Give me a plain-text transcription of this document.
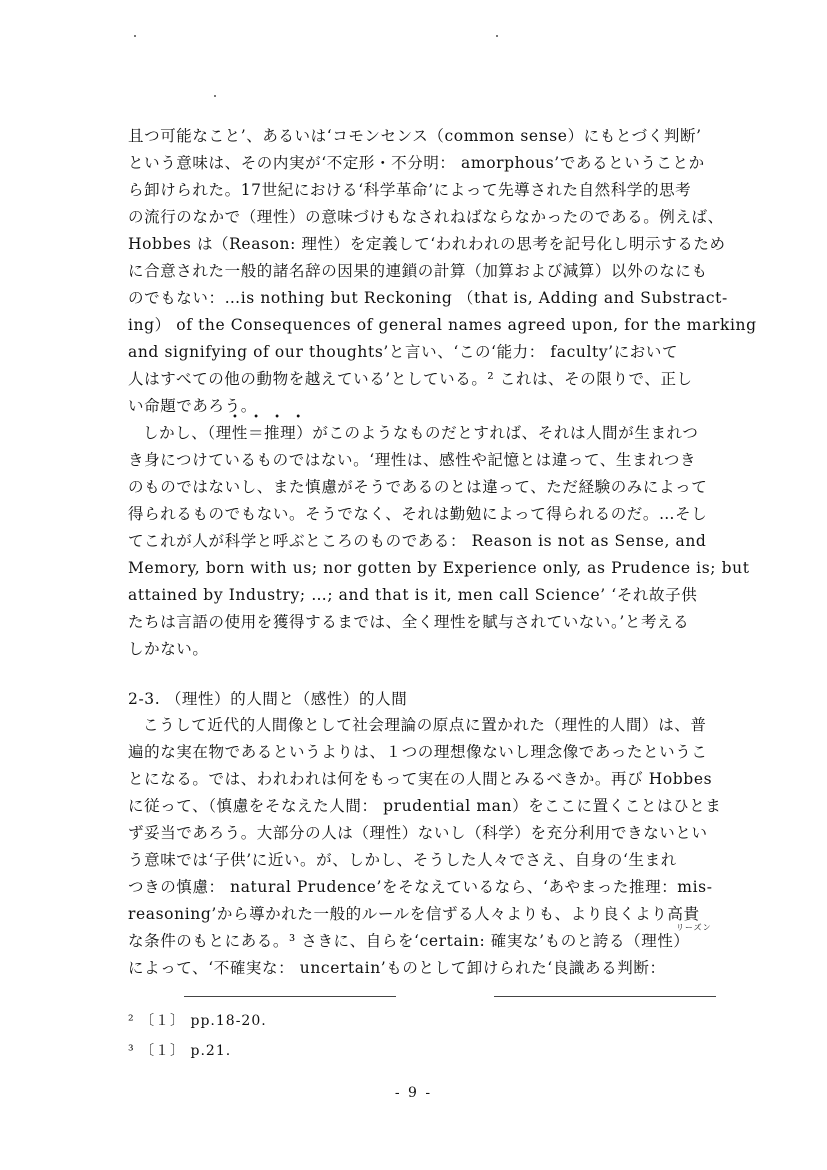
且つ可能なこと’、あるいは‘コモンセンス（common sense）にもとづく判断’
という意味は、その内実が‘不定形・不分明： amorphous’であるということか
ら卸けられた。17世紀における‘科学革命’によって先導された自然科学的思考
の流行のなかで（理性）の意味づけもなされねばならなかったのである。例えば、
Hobbes は（Reason: 理性）を定義して‘われわれの思考を記号化し明示するため
に合意された一般的諸名辞の因果的連鎖の計算（加算および減算）以外のなにも
のでもない：…is nothing but Reckoning （that is, Adding and Substract-
ing） of the Consequences of general names agreed upon, for the marking
and signifying of our thoughts’と言い、‘この‘能力： faculty’において
人はすべての他の動物を越えている’としている。² これは、その限りで、正し
い命題であろう。
• • • •
しかし、（理性＝推理）がこのようなものだとすれば、それは人間が生まれつ
き身につけているものではない。‘理性は、感性や記憶とは違って、生まれつき
のものではないし、また慎慮がそうであるのとは違って、ただ経験のみによって
得られるものでもない。そうでなく、それは勤勉によって得られるのだ。…そし
てこれが人が科学と呼ぶところのものである： Reason is not as Sense, and
Memory, born with us; nor gotten by Experience only, as Prudence is; but
attained by Industry; …; and that is it, men call Science’ ‘それ故子供
たちは言語の使用を獲得するまでは、全く理性を賦与されていない。’と考える
しかない。
2-3. （理性）的人間と（感性）的人間
こうして近代的人間像として社会理論の原点に置かれた（理性的人間）は、普
遍的な実在物であるというよりは、１つの理想像ないし理念像であったというこ
とになる。では、われわれは何をもって実在の人間とみるべきか。再び Hobbes
に従って、（慎慮をそなえた人間： prudential man）をここに置くことはひとま
ず妥当であろう。大部分の人は（理性）ないし（科学）を充分利用できないとい
う意味では‘子供’に近い。が、しかし、そうした人々でさえ、自身の‘生まれ
つきの慎慮： natural Prudence’をそなえているなら、‘あやまった推理：mis-
reasoning’から導かれた一般的ルールを信ずる人々よりも、より良くより高貴
リーズン
な条件のもとにある。³ さきに、自らを‘certain: 確実な’ものと誇る（理性）
によって、‘不確実な： uncertain’ものとして卸けられた‘良識ある判断：
² 〔１〕 pp.18-20.
³ 〔１〕 p.21.
- 9 -
